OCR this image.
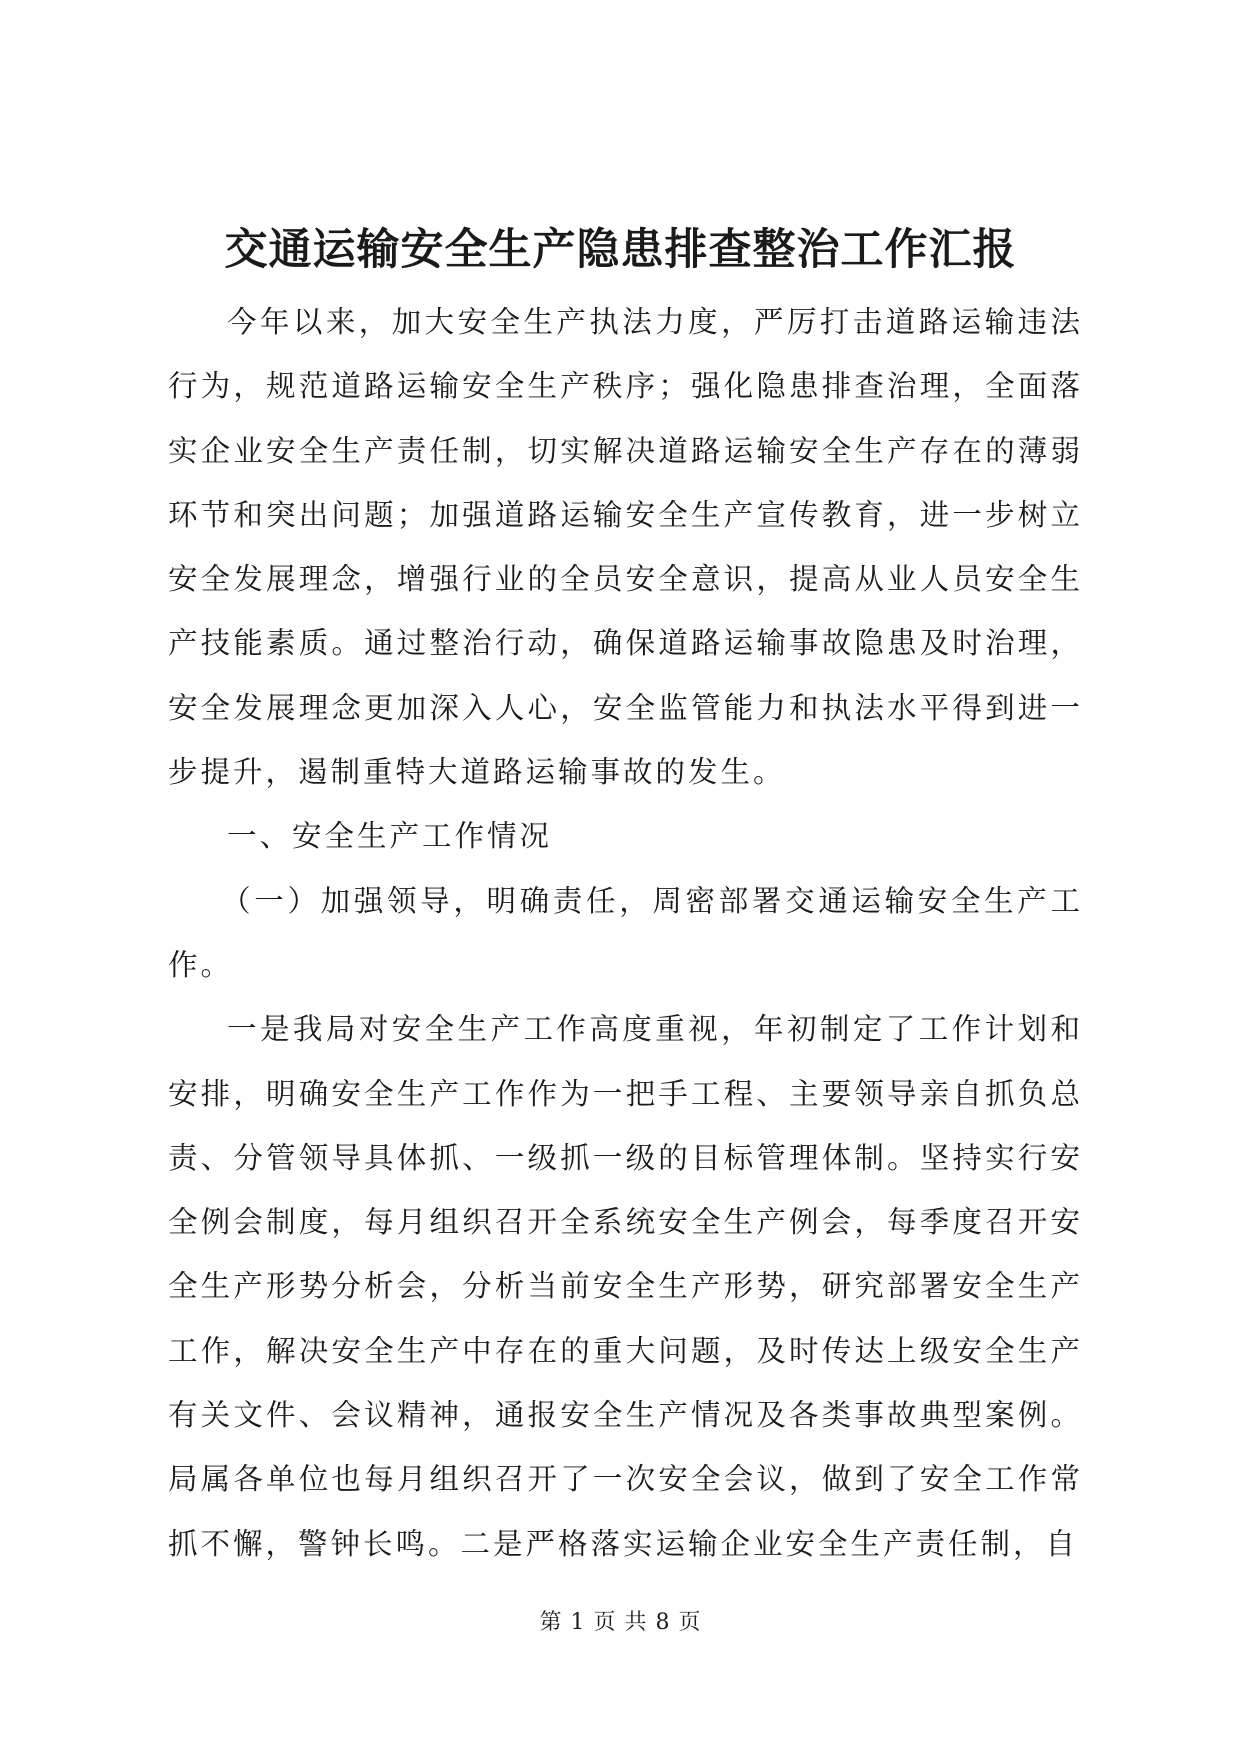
交通运输安全生产隐患排查整治工作汇报

今年以来，加大安全生产执法力度，严厉打击道路运输违法行为，规范道路运输安全生产秩序；强化隐患排查治理，全面落实企业安全生产责任制，切实解决道路运输安全生产存在的薄弱环节和突出问题；加强道路运输安全生产宣传教育，进一步树立安全发展理念，增强行业的全员安全意识，提高从业人员安全生产技能素质。通过整治行动，确保道路运输事故隐患及时治理，安全发展理念更加深入人心，安全监管能力和执法水平得到进一步提升，遏制重特大道路运输事故的发生。

一、安全生产工作情况

（一）加强领导，明确责任，周密部署交通运输安全生产工作。

一是我局对安全生产工作高度重视，年初制定了工作计划和安排，明确安全生产工作作为一把手工程、主要领导亲自抓负总责、分管领导具体抓、一级抓一级的目标管理体制。坚持实行安全例会制度，每月组织召开全系统安全生产例会，每季度召开安全生产形势分析会，分析当前安全生产形势，研究部署安全生产工作，解决安全生产中存在的重大问题，及时传达上级安全生产有关文件、会议精神，通报安全生产情况及各类事故典型案例。局属各单位也每月组织召开了一次安全会议，做到了安全工作常抓不懈，警钟长鸣。二是严格落实运输企业安全生产责任制，自

第 1 页 共 8 页
